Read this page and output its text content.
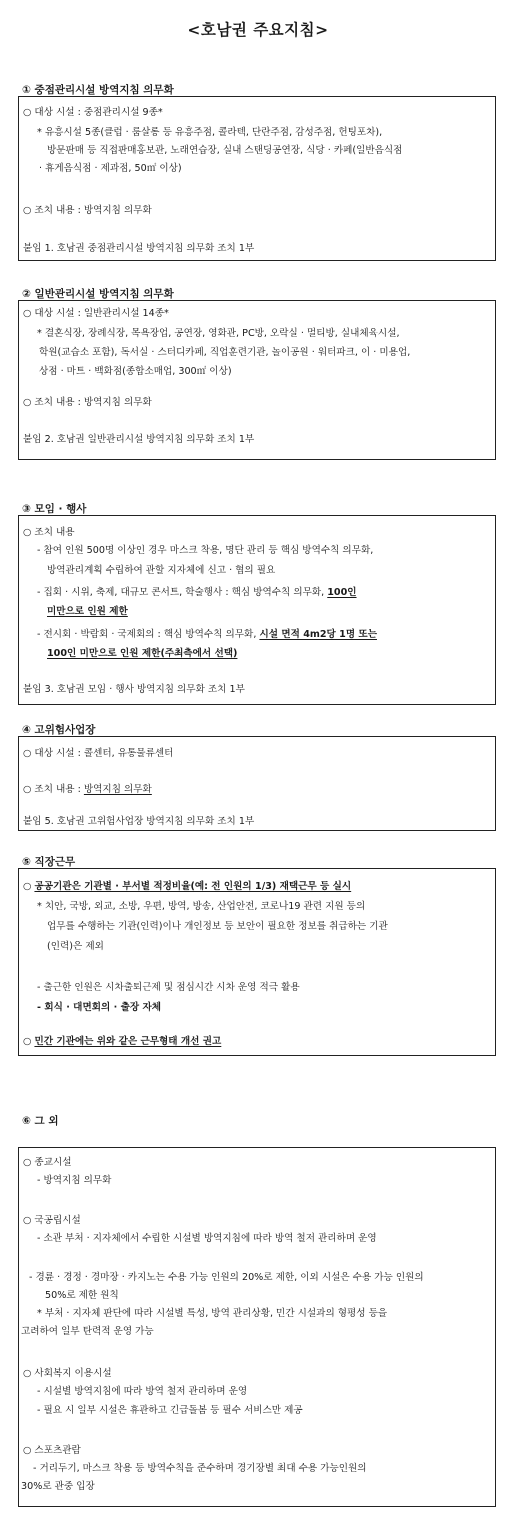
<호남권 주요지침>
① 중점관리시설 방역지침 의무화
○ 대상 시설 : 중점관리시설 9종*
* 유흥시설 5종(클럽 · 룸살롱 등 유흥주점, 콜라텍, 단란주점, 감성주점, 헌팅포차),
방문판매 등 직접판매홍보관, 노래연습장, 실내 스탠딩공연장, 식당 · 카페(일반음식점
· 휴게음식점 · 제과점, 50㎡ 이상)
○ 조치 내용 : 방역지침 의무화
붙임 1. 호남권 중점관리시설 방역지침 의무화 조치 1부
② 일반관리시설 방역지침 의무화
○ 대상 시설 : 일반관리시설 14종*
* 결혼식장, 장례식장, 목욕장업, 공연장, 영화관, PC방, 오락실 · 멀티방, 실내체육시설,
학원(교습소 포함), 독서실 · 스터디카페, 직업훈련기관, 놀이공원 · 워터파크, 이 · 미용업,
상점 · 마트 · 백화점(종합소매업, 300㎡ 이상)
○ 조치 내용 : 방역지침 의무화
붙임 2. 호남권 일반관리시설 방역지침 의무화 조치 1부
③ 모임 · 행사
○ 조치 내용
- 참여 인원 500명 이상인 경우 마스크 착용, 명단 관리 등 핵심 방역수칙 의무화,
방역관리계획 수립하여 관할 지자체에 신고 · 협의 필요
- 집회 · 시위, 축제, 대규모 콘서트, 학술행사 : 핵심 방역수칙 의무화, 100인
미만으로 인원 제한
- 전시회 · 박람회 · 국제회의 : 핵심 방역수칙 의무화, 시설 면적 4m2당 1명 또는
100인 미만으로 인원 제한(주최측에서 선택)
붙임 3. 호남권 모임 · 행사 방역지침 의무화 조치 1부
④ 고위험사업장
○ 대상 시설 : 콜센터, 유통물류센터
○ 조치 내용 : 방역지침 의무화
붙임 5. 호남권 고위험사업장 방역지침 의무화 조치 1부
⑤ 직장근무
○ 공공기관은 기관별 · 부서별 적정비율(예: 전 인원의 1/3) 재택근무 등 실시
* 치안, 국방, 외교, 소방, 우편, 방역, 방송, 산업안전, 코로나19 관련 지원 등의
업무를 수행하는 기관(인력)이나 개인정보 등 보안이 필요한 정보를 취급하는 기관
(인력)은 제외
- 출근한 인원은 시차출퇴근제 및 점심시간 시차 운영 적극 활용
- 회식 · 대면회의 · 출장 자체
○ 민간 기관에는 위와 같은 근무형태 개선 권고
⑥ 그 외
○ 종교시설
- 방역지침 의무화
○ 국공립시설
- 소관 부처 · 지자체에서 수립한 시설별 방역지침에 따라 방역 철저 관리하며 운영
- 경륜 · 경정 · 경마장 · 카지노는 수용 가능 인원의 20%로 제한, 이외 시설은 수용 가능 인원의
50%로 제한 원칙
* 부처 · 지자체 판단에 따라 시설별 특성, 방역 관리상황, 민간 시설과의 형평성 등을
고려하여 일부 탄력적 운영 가능
○ 사회복지 이용시설
- 시설별 방역지침에 따라 방역 철저 관리하며 운영
- 필요 시 일부 시설은 휴관하고 긴급돌봄 등 필수 서비스만 제공
○ 스포츠관람
- 거리두기, 마스크 착용 등 방역수칙을 준수하며 경기장별 최대 수용 가능인원의
30%로 관중 입장
